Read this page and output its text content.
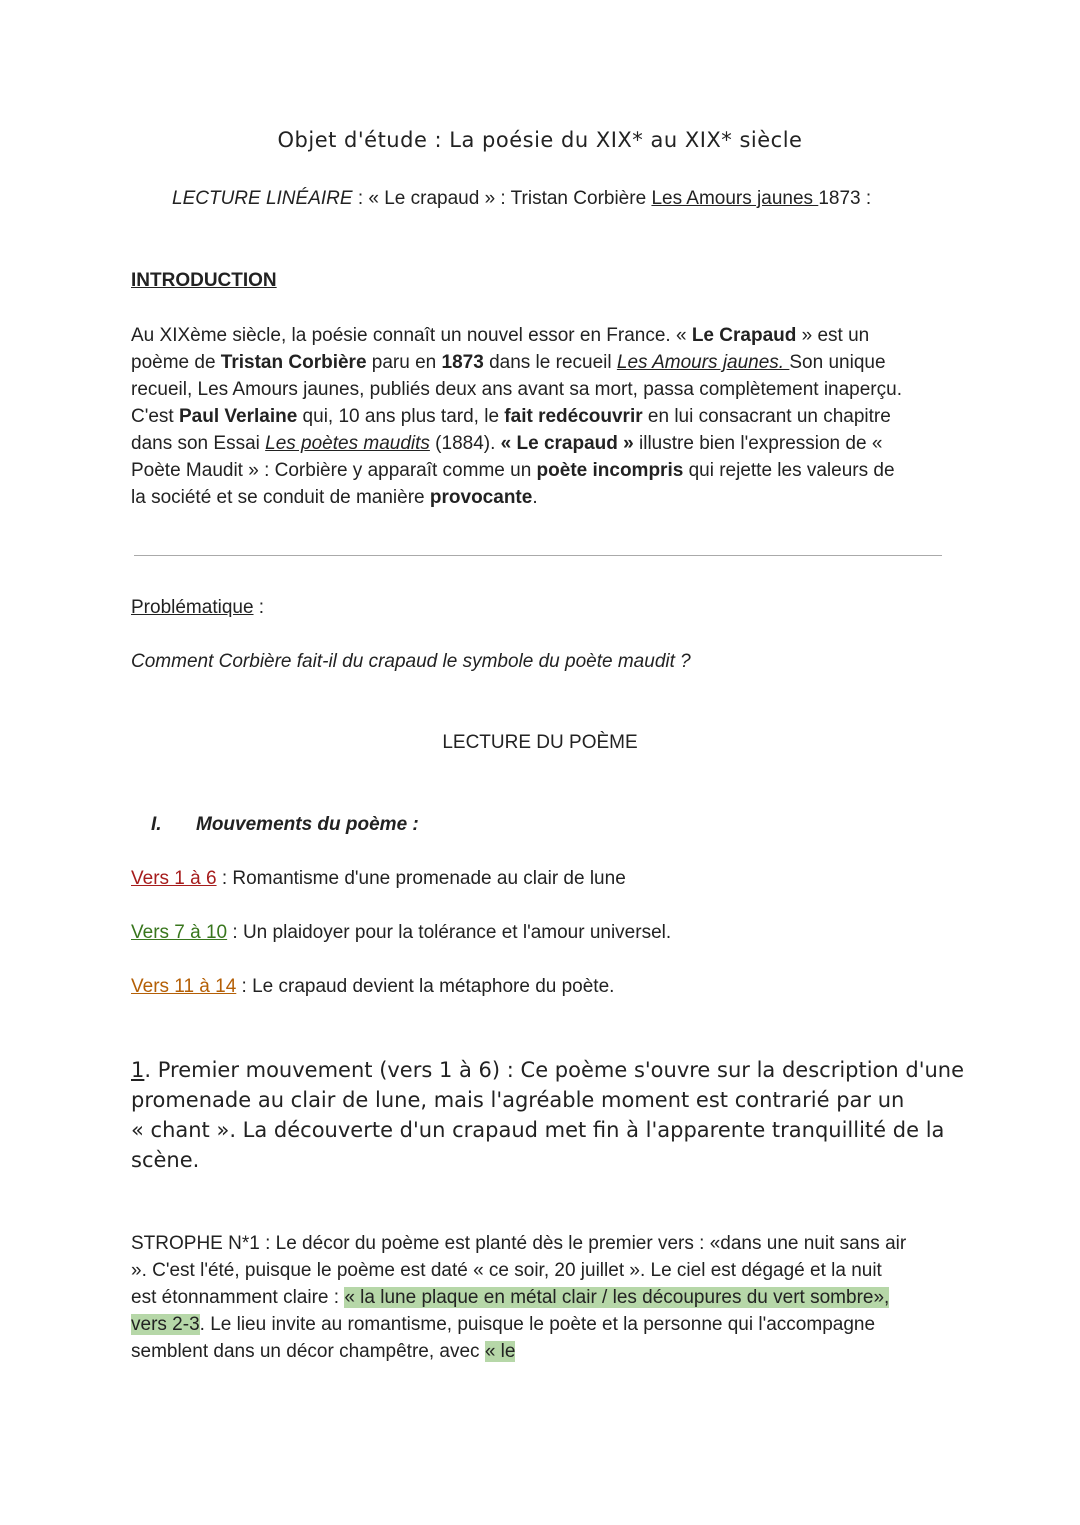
Objet d'étude : La poésie du XIX* au XIX* siècle
LECTURE LINÉAIRE : « Le crapaud » : Tristan Corbière Les Amours jaunes 1873 :
INTRODUCTION

Au XIXème siècle, la poésie connaît un nouvel essor en France. « Le Crapaud » est un

poème de Tristan Corbière paru en 1873 dans le recueil Les Amours jaunes. Son unique

recueil, Les Amours jaunes, publiés deux ans avant sa mort, passa complètement inaperçu.

C'est Paul Verlaine qui, 10 ans plus tard, le fait redécouvrir en lui consacrant un chapitre

dans son Essai Les poètes maudits (1884). « Le crapaud » illustre bien l'expression de «

Poète Maudit » : Corbière y apparaît comme un poète incompris qui rejette les valeurs de

la société et se conduit de manière provocante.

Problématique :
Comment Corbière fait-il du crapaud le symbole du poète maudit ?
LECTURE DU POÈME
I. Mouvements du poème :
Vers 1 à 6 : Romantisme d'une promenade au clair de lune
Vers 7 à 10 : Un plaidoyer pour la tolérance et l'amour universel.
Vers 11 à 14 : Le crapaud devient la métaphore du poète.

1. Premier mouvement (vers 1 à 6) : Ce poème s'ouvre sur la description d'une

promenade au clair de lune, mais l'agréable moment est contrarié par un

« chant ». La découverte d'un crapaud met fin à l'apparente tranquillité de la

scène.

STROPHE N*1 : Le décor du poème est planté dès le premier vers : «dans une nuit sans air

». C'est l'été, puisque le poème est daté « ce soir, 20 juillet ». Le ciel est dégagé et la nuit

est étonnamment claire : « la lune plaque en métal clair / les découpures du vert sombre»,

vers 2-3. Le lieu invite au romantisme, puisque le poète et la personne qui l'accompagne

semblent dans un décor champêtre, avec « le
